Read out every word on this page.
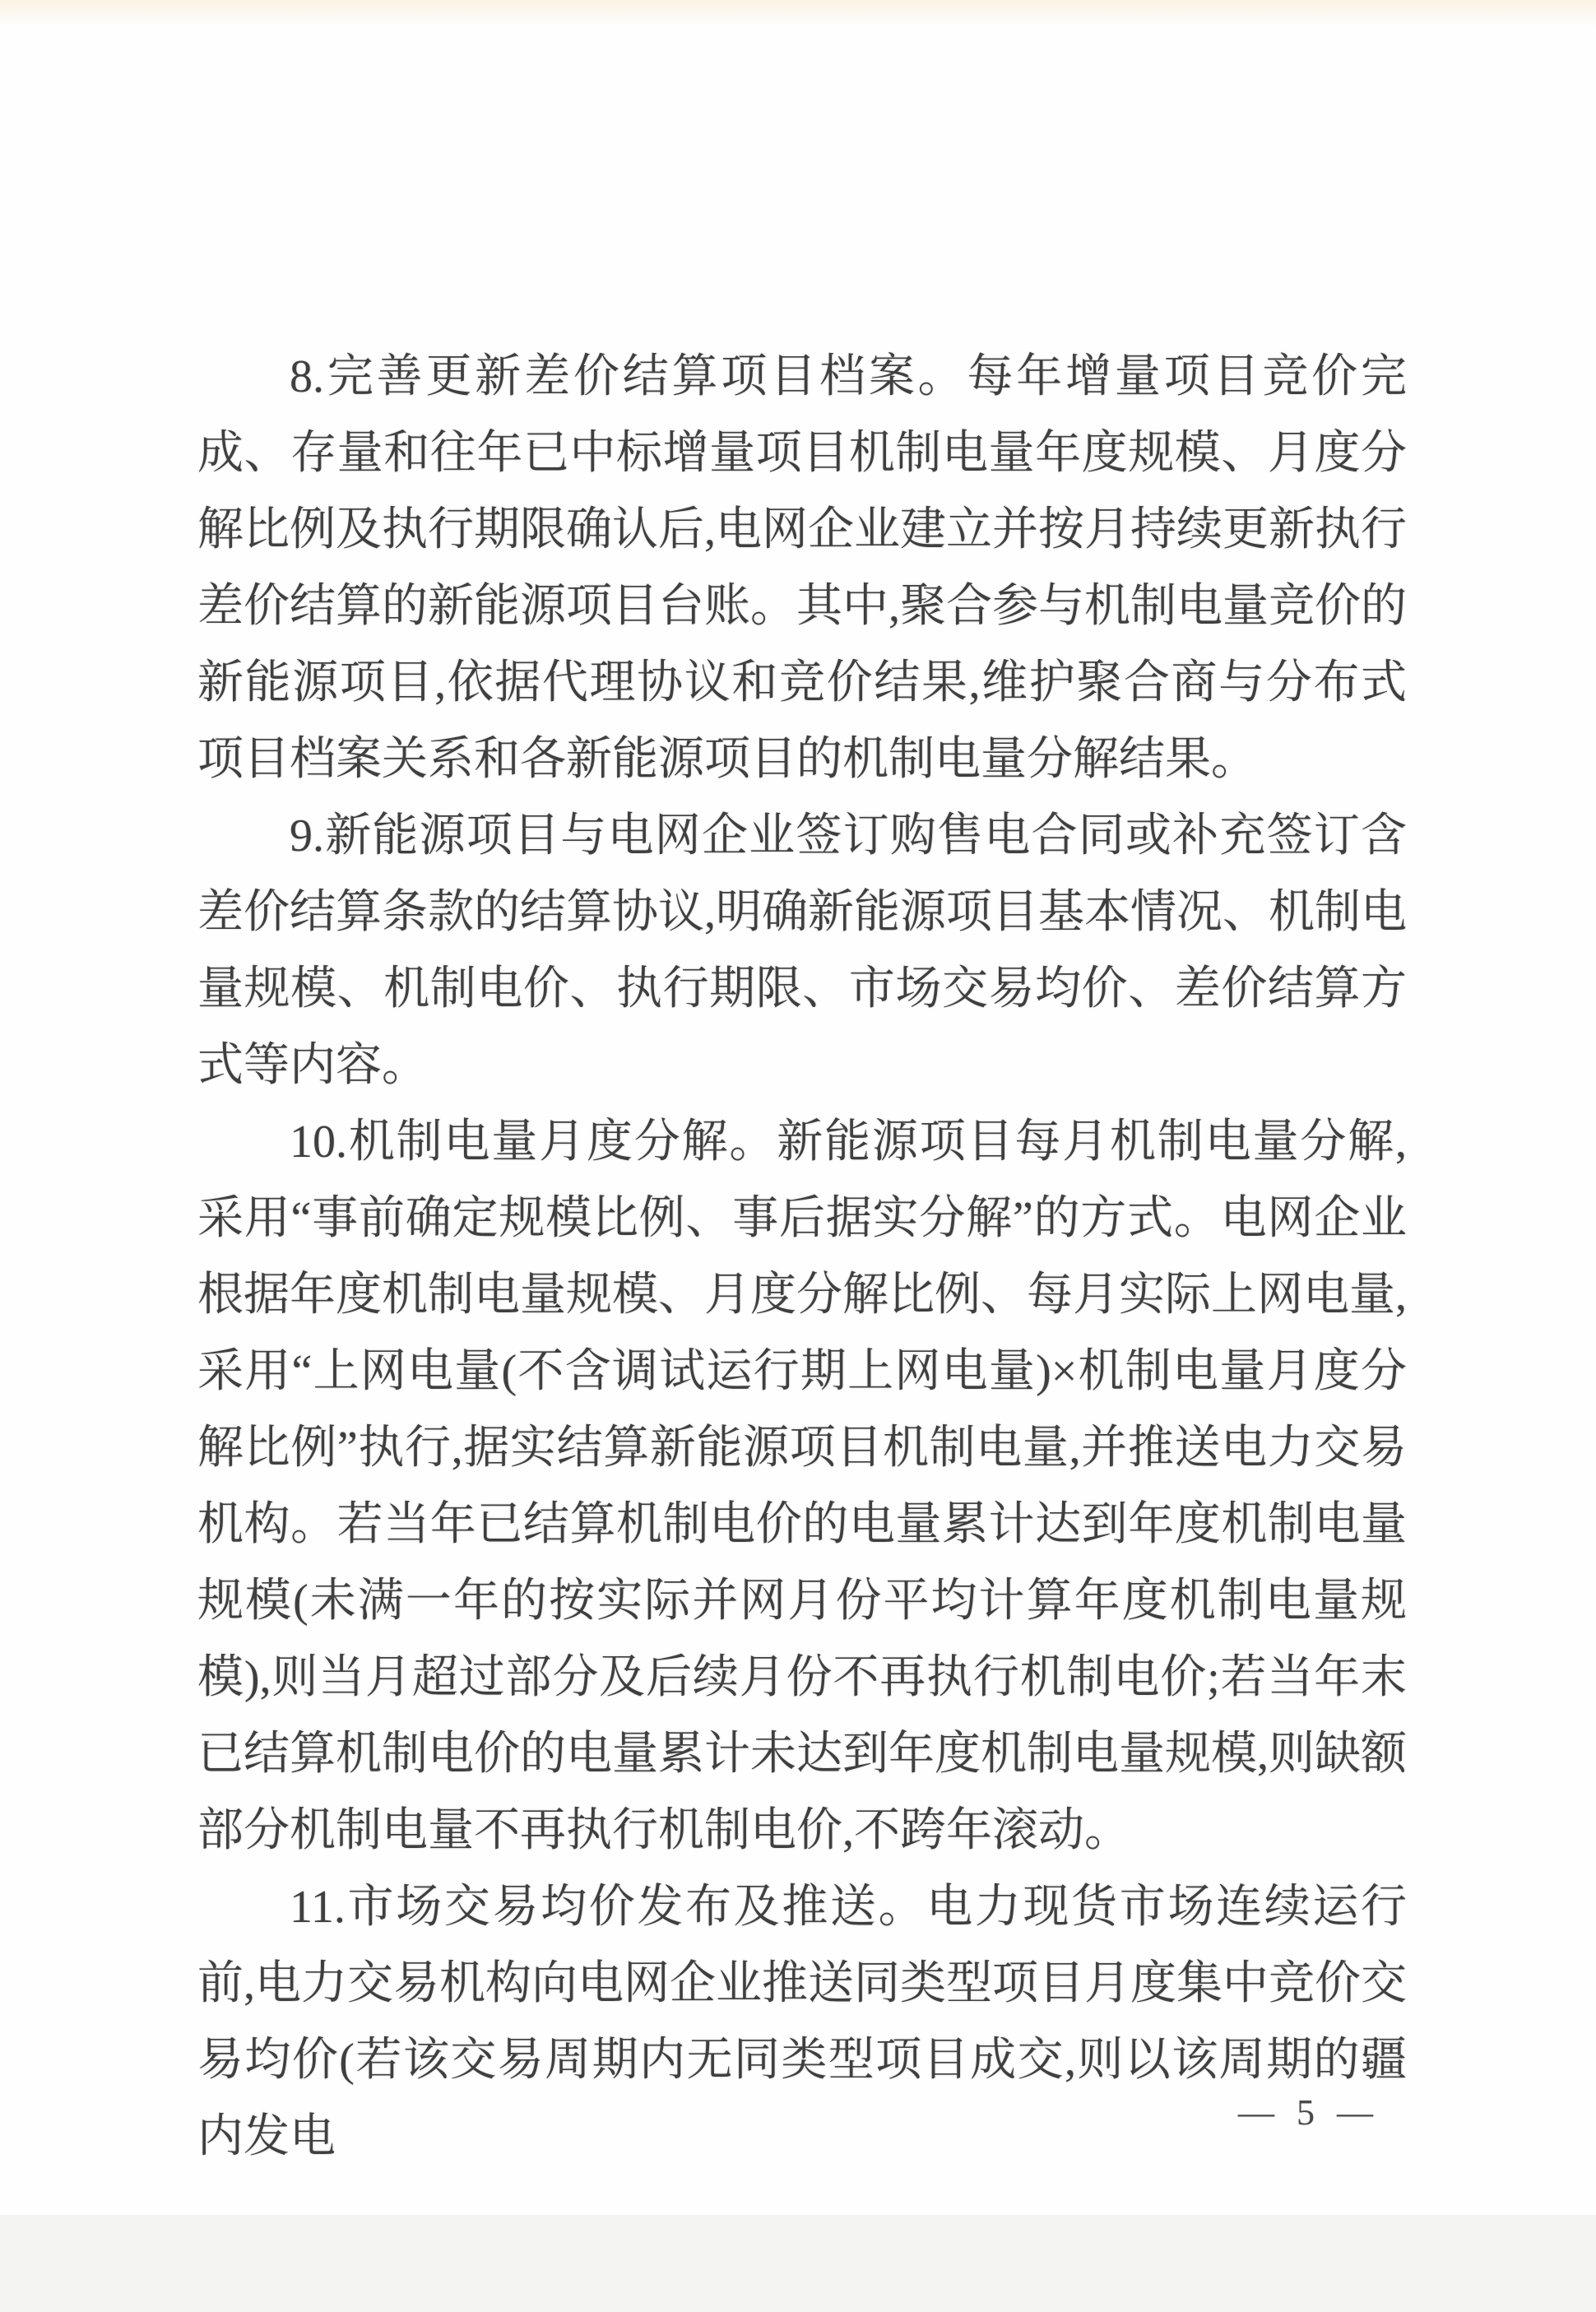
8.完善更新差价结算项目档案。每年增量项目竞价完成、存量和往年已中标增量项目机制电量年度规模、月度分解比例及执行期限确认后,电网企业建立并按月持续更新执行差价结算的新能源项目台账。其中,聚合参与机制电量竞价的新能源项目,依据代理协议和竞价结果,维护聚合商与分布式项目档案关系和各新能源项目的机制电量分解结果。

9.新能源项目与电网企业签订购售电合同或补充签订含差价结算条款的结算协议,明确新能源项目基本情况、机制电量规模、机制电价、执行期限、市场交易均价、差价结算方式等内容。

10.机制电量月度分解。新能源项目每月机制电量分解,采用“事前确定规模比例、事后据实分解”的方式。电网企业根据年度机制电量规模、月度分解比例、每月实际上网电量,采用“上网电量(不含调试运行期上网电量)×机制电量月度分解比例”执行,据实结算新能源项目机制电量,并推送电力交易机构。若当年已结算机制电价的电量累计达到年度机制电量规模(未满一年的按实际并网月份平均计算年度机制电量规模),则当月超过部分及后续月份不再执行机制电价;若当年末已结算机制电价的电量累计未达到年度机制电量规模,则缺额部分机制电量不再执行机制电价,不跨年滚动。

11.市场交易均价发布及推送。电力现货市场连续运行前,电力交易机构向电网企业推送同类型项目月度集中竞价交易均价(若该交易周期内无同类型项目成交,则以该周期的疆内发电	— 5 —
